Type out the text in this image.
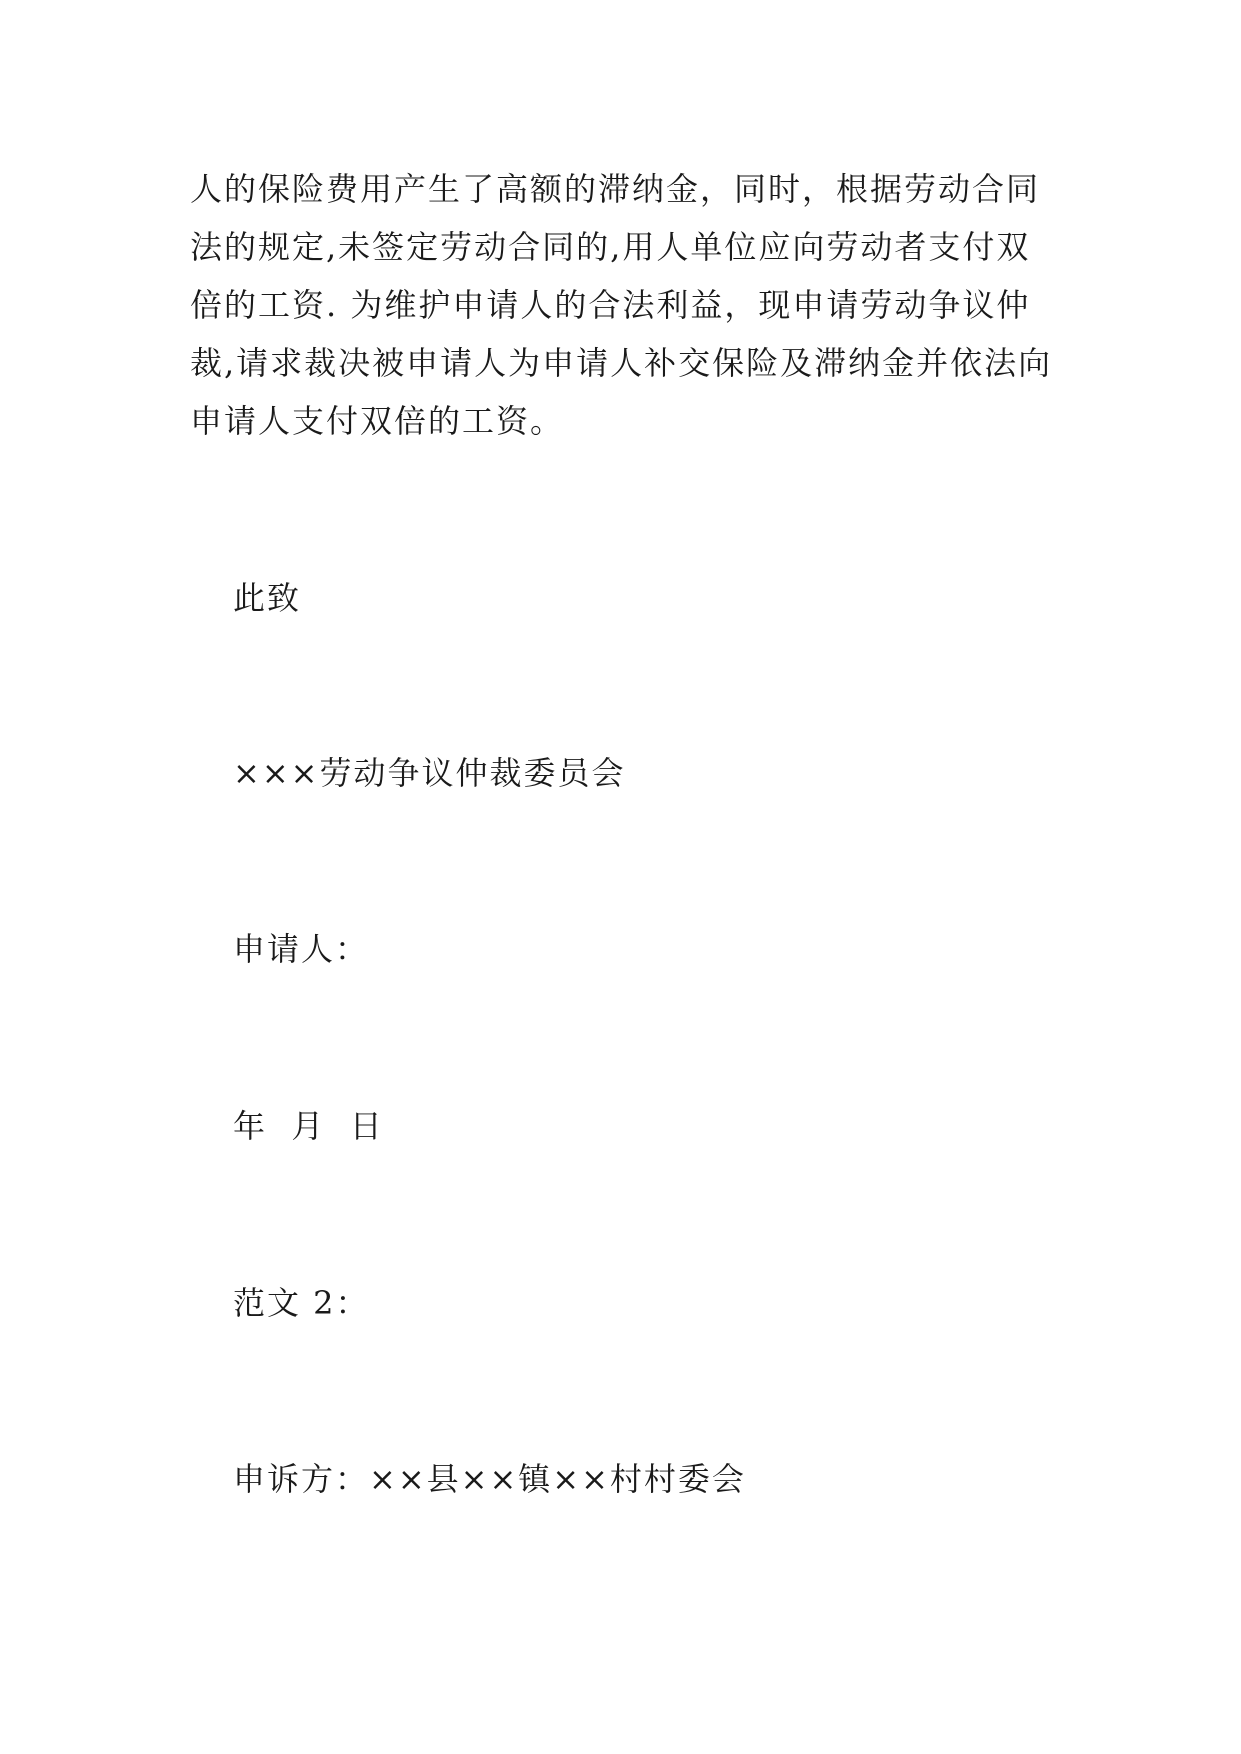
人的保险费用产生了高额的滞纳金，同时，根据劳动合同法的规定,未签定劳动合同的,用人单位应向劳动者支付双倍的工资. 为维护申请人的合法利益，现申请劳动争议仲裁,请求裁决被申请人为申请人补交保险及滞纳金并依法向申请人支付双倍的工资。

此致

×××劳动争议仲裁委员会

申请人：

年  月  日

范文 2：

申诉方：××县××镇××村村委会
